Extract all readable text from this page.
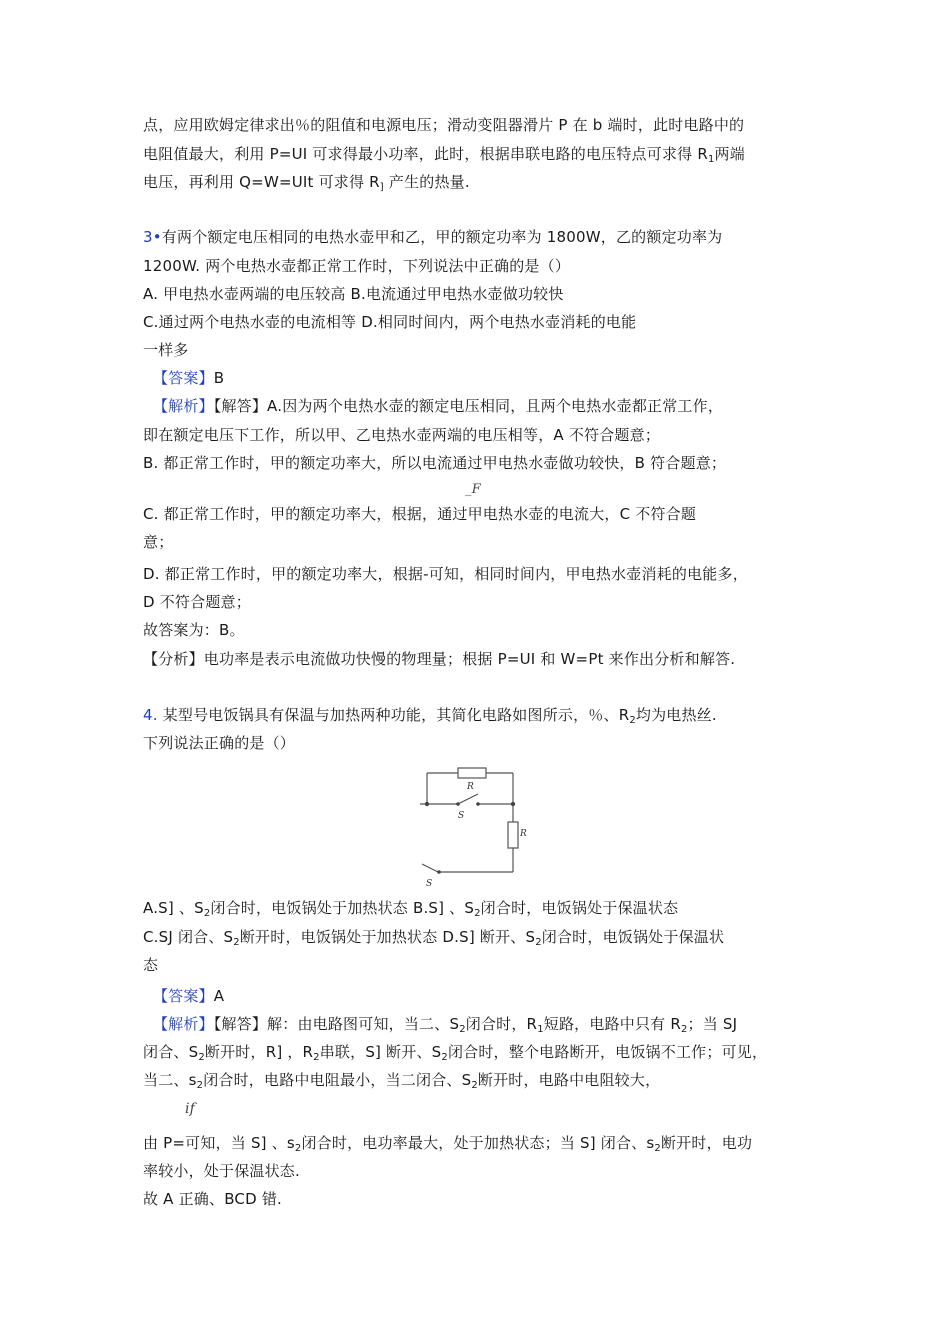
点，应用欧姆定律求出％的阻值和电源电压；滑动变阻器滑片 P 在 b 端时，此时电路中的
电阻值最大，利用 P=UI 可求得最小功率，此时，根据串联电路的电压特点可求得 $R_1$两端
电压，再利用 Q=W=UIt 可求得 $R_]$ 产生的热量.
3•有两个额定电压相同的电热水壶甲和乙，甲的额定功率为 1800W，乙的额定功率为
1200W. 两个电热水壶都正常工作时，下列说法中正确的是（）
A. 甲电热水壶两端的电压较高 B.电流通过甲电热水壶做功较快
C.通过两个电热水壶的电流相等 D.相同时间内，两个电热水壶消耗的电能
一样多
【答案】B
【解析】【解答】A.因为两个电热水壶的额定电压相同，且两个电热水壶都正常工作，
即在额定电压下工作，所以甲、乙电热水壶两端的电压相等，A 不符合题意；
B. 都正常工作时，甲的额定功率大，所以电流通过甲电热水壶做功较快，B 符合题意；
_F
C. 都正常工作时，甲的额定功率大，根据，通过甲电热水壶的电流大，C 不符合题
意；
D. 都正常工作时，甲的额定功率大，根据-可知，相同时间内，甲电热水壶消耗的电能多，
D 不符合题意；
故答案为：B。
【分析】电功率是表示电流做功快慢的物理量；根据 P=UI 和 W=Pt 来作出分析和解答.
4. 某型号电饭锅具有保温与加热两种功能，其简化电路如图所示，％、$R_2$均为电热丝.
下列说法正确的是（）
R
S
R
S
A.S] 、$S_2$闭合时，电饭锅处于加热状态 B.S] 、$S_2$闭合时，电饭锅处于保温状态
C.SJ 闭合、$S_2$断开时，电饭锅处于加热状态 D.S] 断开、$S_2$闭合时，电饭锅处于保温状
态
【答案】A
【解析】【解答】解：由电路图可知，当二、$S_2$闭合时，$R_1$短路，电路中只有 $R_2$；当 SJ
闭合、$S_2$断开时，R] ，$R_2$串联，S] 断开、$S_2$闭合时，整个电路断开，电饭锅不工作；可见，
当二、$s_2$闭合时，电路中电阻最小，当二闭合、$S_2$断开时，电路中电阻较大，
if
由 P=可知，当 S] 、$s_2$闭合时，电功率最大，处于加热状态；当 S] 闭合、$s_2$断开时，电功
率较小，处于保温状态.
故 A 正确、BCD 错.
